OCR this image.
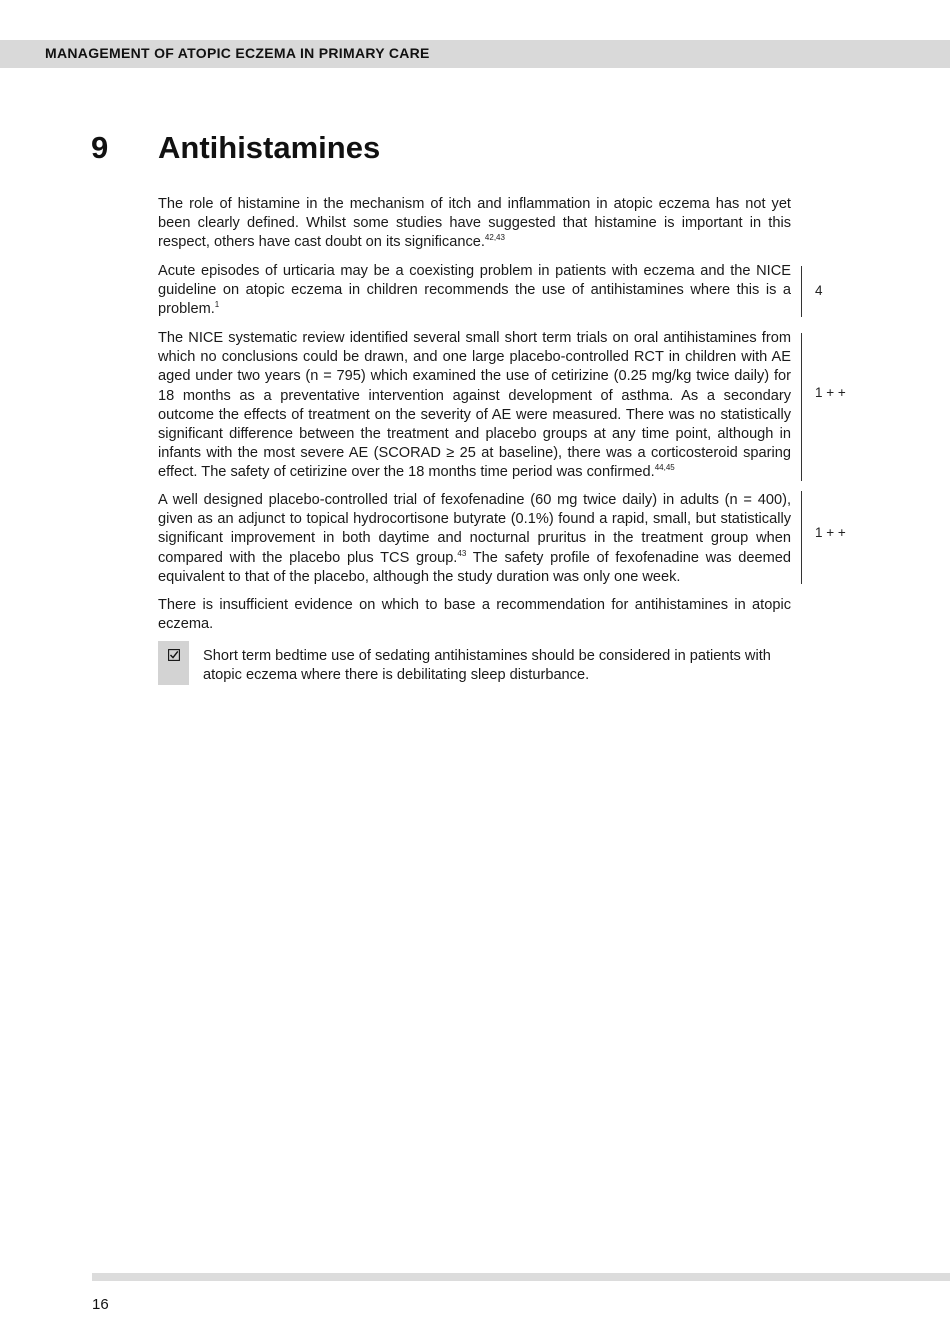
MANAGEMENT OF ATOPIC ECZEMA IN PRIMARY CARE
9 Antihistamines

The role of histamine in the mechanism of itch and inflammation in atopic eczema has not yet been clearly defined. Whilst some studies have suggested that histamine is important in this respect, others have cast doubt on its significance.$^{42,43}$

Acute episodes of urticaria may be a coexisting problem in patients with eczema and the NICE guideline on atopic eczema in children recommends the use of antihistamines where this is a problem.$^1$

4

The NICE systematic review identified several small short term trials on oral antihistamines from which no conclusions could be drawn, and one large placebo-controlled RCT in children with AE aged under two years (n = 795) which examined the use of cetirizine (0.25 mg/kg twice daily) for 18 months as a preventative intervention against development of asthma. As a secondary outcome the effects of treatment on the severity of AE were measured. There was no statistically significant difference between the treatment and placebo groups at any time point, although in infants with the most severe AE (SCORAD ≥ 25 at baseline), there was a corticosteroid sparing effect. The safety of cetirizine over the 18 months time period was confirmed.$^{44,45}$

1 + +

A well designed placebo-controlled trial of fexofenadine (60 mg twice daily) in adults (n = 400), given as an adjunct to topical hydrocortisone butyrate (0.1%) found a rapid, small, but statistically significant improvement in both daytime and nocturnal pruritus in the treatment group when compared with the placebo plus TCS group.$^{43}$ The safety profile of fexofenadine was deemed equivalent to that of the placebo, although the study duration was only one week.

1 + +

There is insufficient evidence on which to base a recommendation for antihistamines in atopic eczema.

Short term bedtime use of sedating antihistamines should be considered in patients with atopic eczema where there is debilitating sleep disturbance.

16
